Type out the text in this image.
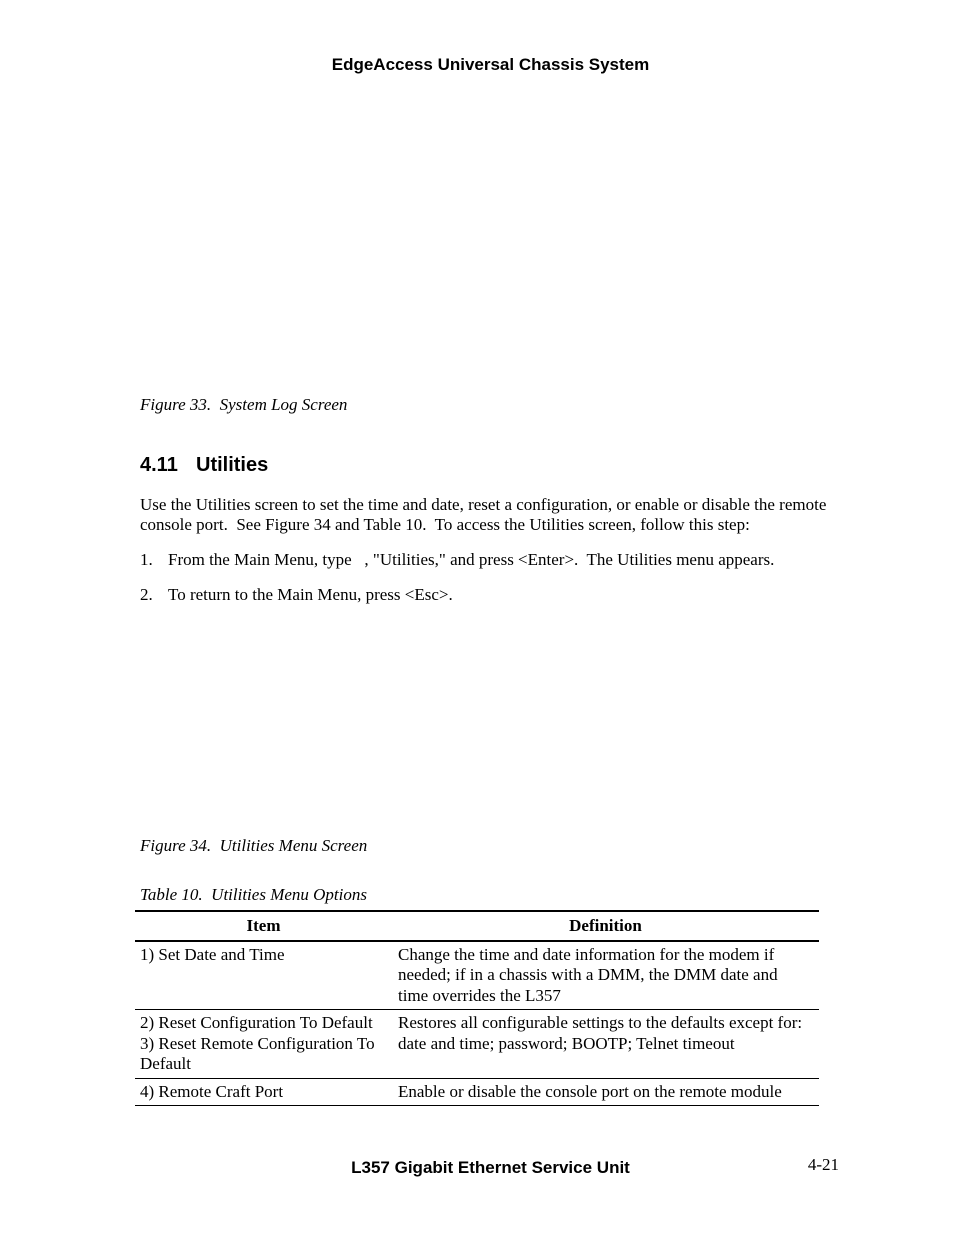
EdgeAccess Universal Chassis System
Figure 33.  System Log Screen
4.11 Utilities
Use the Utilities screen to set the time and date, reset a configuration, or enable or disable the remote console port.  See Figure 34 and Table 10.  To access the Utilities screen, follow this step:
1. From the Main Menu, type   , "Utilities," and press <Enter>.  The Utilities menu appears.
2. To return to the Main Menu, press <Esc>.
Figure 34.  Utilities Menu Screen
Table 10.  Utilities Menu Options
Item	Definition

1) Set Date and Time	Change the time and date information for the modem if needed; if in a chassis with a DMM, the DMM date and time overrides the L357

2) Reset Configuration To Default
3) Reset Remote Configuration To Default	Restores all configurable settings to the defaults except for: date and time; password; BOOTP; Telnet timeout

4) Remote Craft Port	Enable or disable the console port on the remote module
L357 Gigabit Ethernet Service Unit	4-21
